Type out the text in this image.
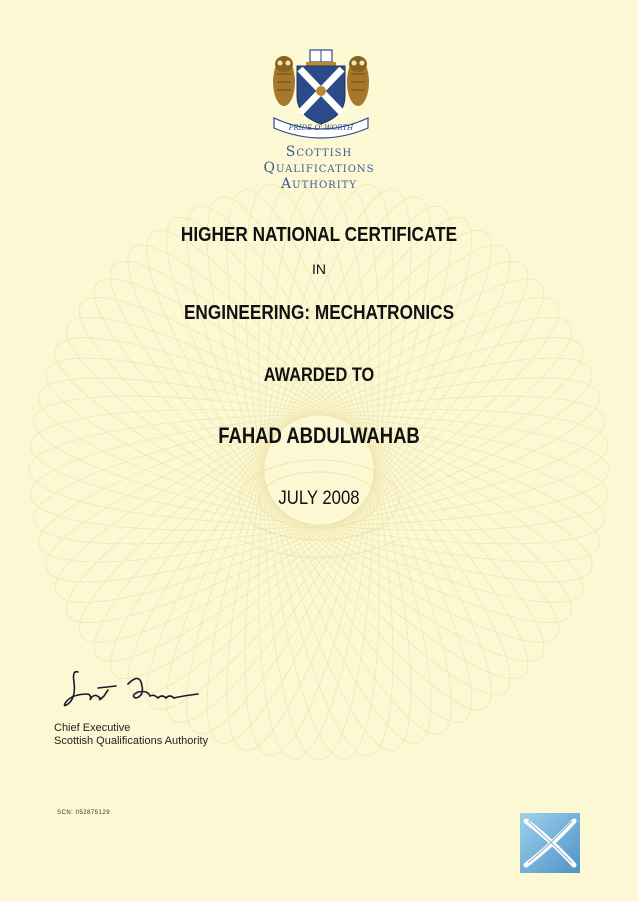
PRIDE O' WORTH
Scottish
Qualifications
Authority
HIGHER NATIONAL CERTIFICATE
IN
ENGINEERING: MECHATRONICS
AWARDED TO
FAHAD ABDULWAHAB
JULY 2008
Chief Executive
Scottish Qualifications Authority
SCN: 052875129
